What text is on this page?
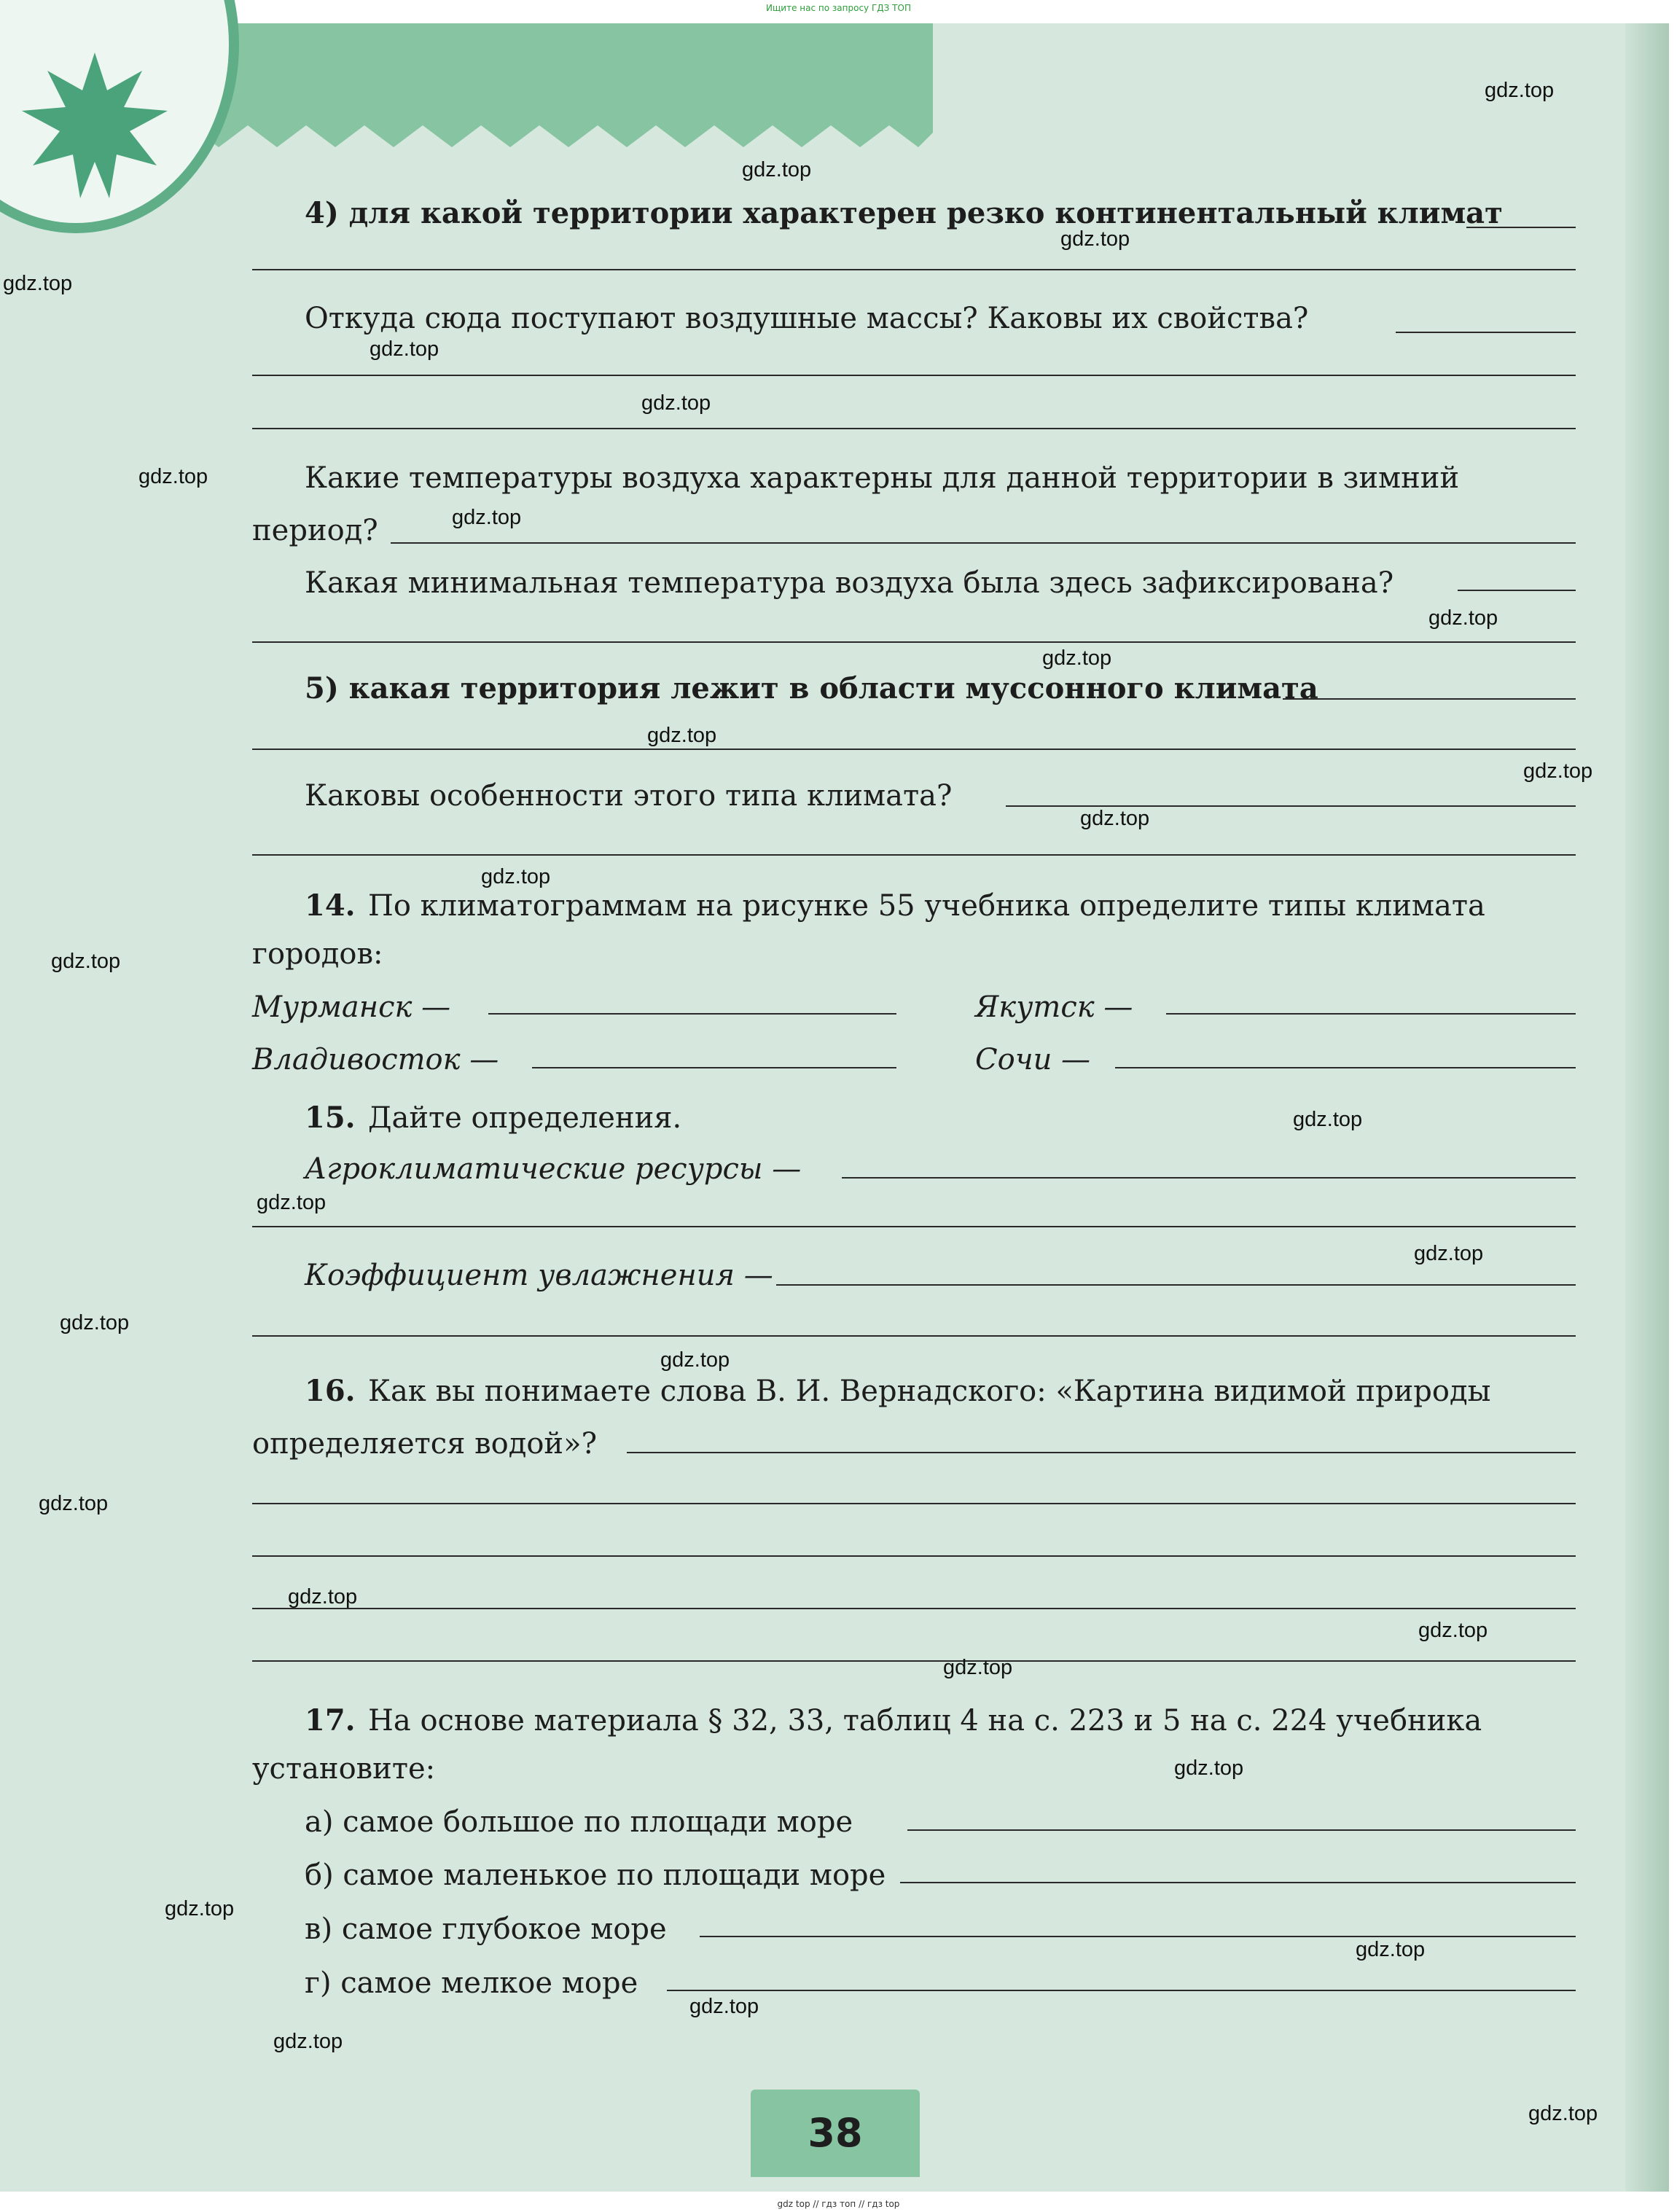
Ищите нас по запросу ГДЗ ТОП
4) для какой территории характерен резко континентальный климат
Откуда сюда поступают воздушные массы? Каковы их свойства?
Какие температуры воздуха характерны для данной территории в зимний
период?
Какая минимальная температура воздуха была здесь зафиксирована?
5) какая территория лежит в области муссонного климата
Каковы особенности этого типа климата?
14. По климатограммам на рисунке 55 учебника определите типы климата
городов:
Мурманск —	Якутск —
Владивосток —	Сочи —
15. Дайте определения.
Агроклиматические ресурсы —
Коэффициент увлажнения —
16. Как вы понимаете слова В. И. Вернадского: «Картина видимой природы
определяется водой»?
17. На основе материала § 32, 33, таблиц 4 на с. 223 и 5 на с. 224 учебника
установите:
а) самое большое по площади море
б) самое маленькое по площади море
в) самое глубокое море
г) самое мелкое море
38
gdz.top
gdz.top
gdz.top
gdz.top
gdz.top
gdz.top
gdz.top
gdz.top
gdz.top
gdz.top
gdz.top
gdz.top
gdz.top
gdz.top
gdz.top
gdz.top
gdz.top
gdz.top
gdz.top
gdz.top
gdz.top
gdz.top
gdz.top
gdz.top
gdz.top
gdz.top
gdz.top
gdz.top
gdz.top
gdz.top
gdz top // гдз топ // гдз top
